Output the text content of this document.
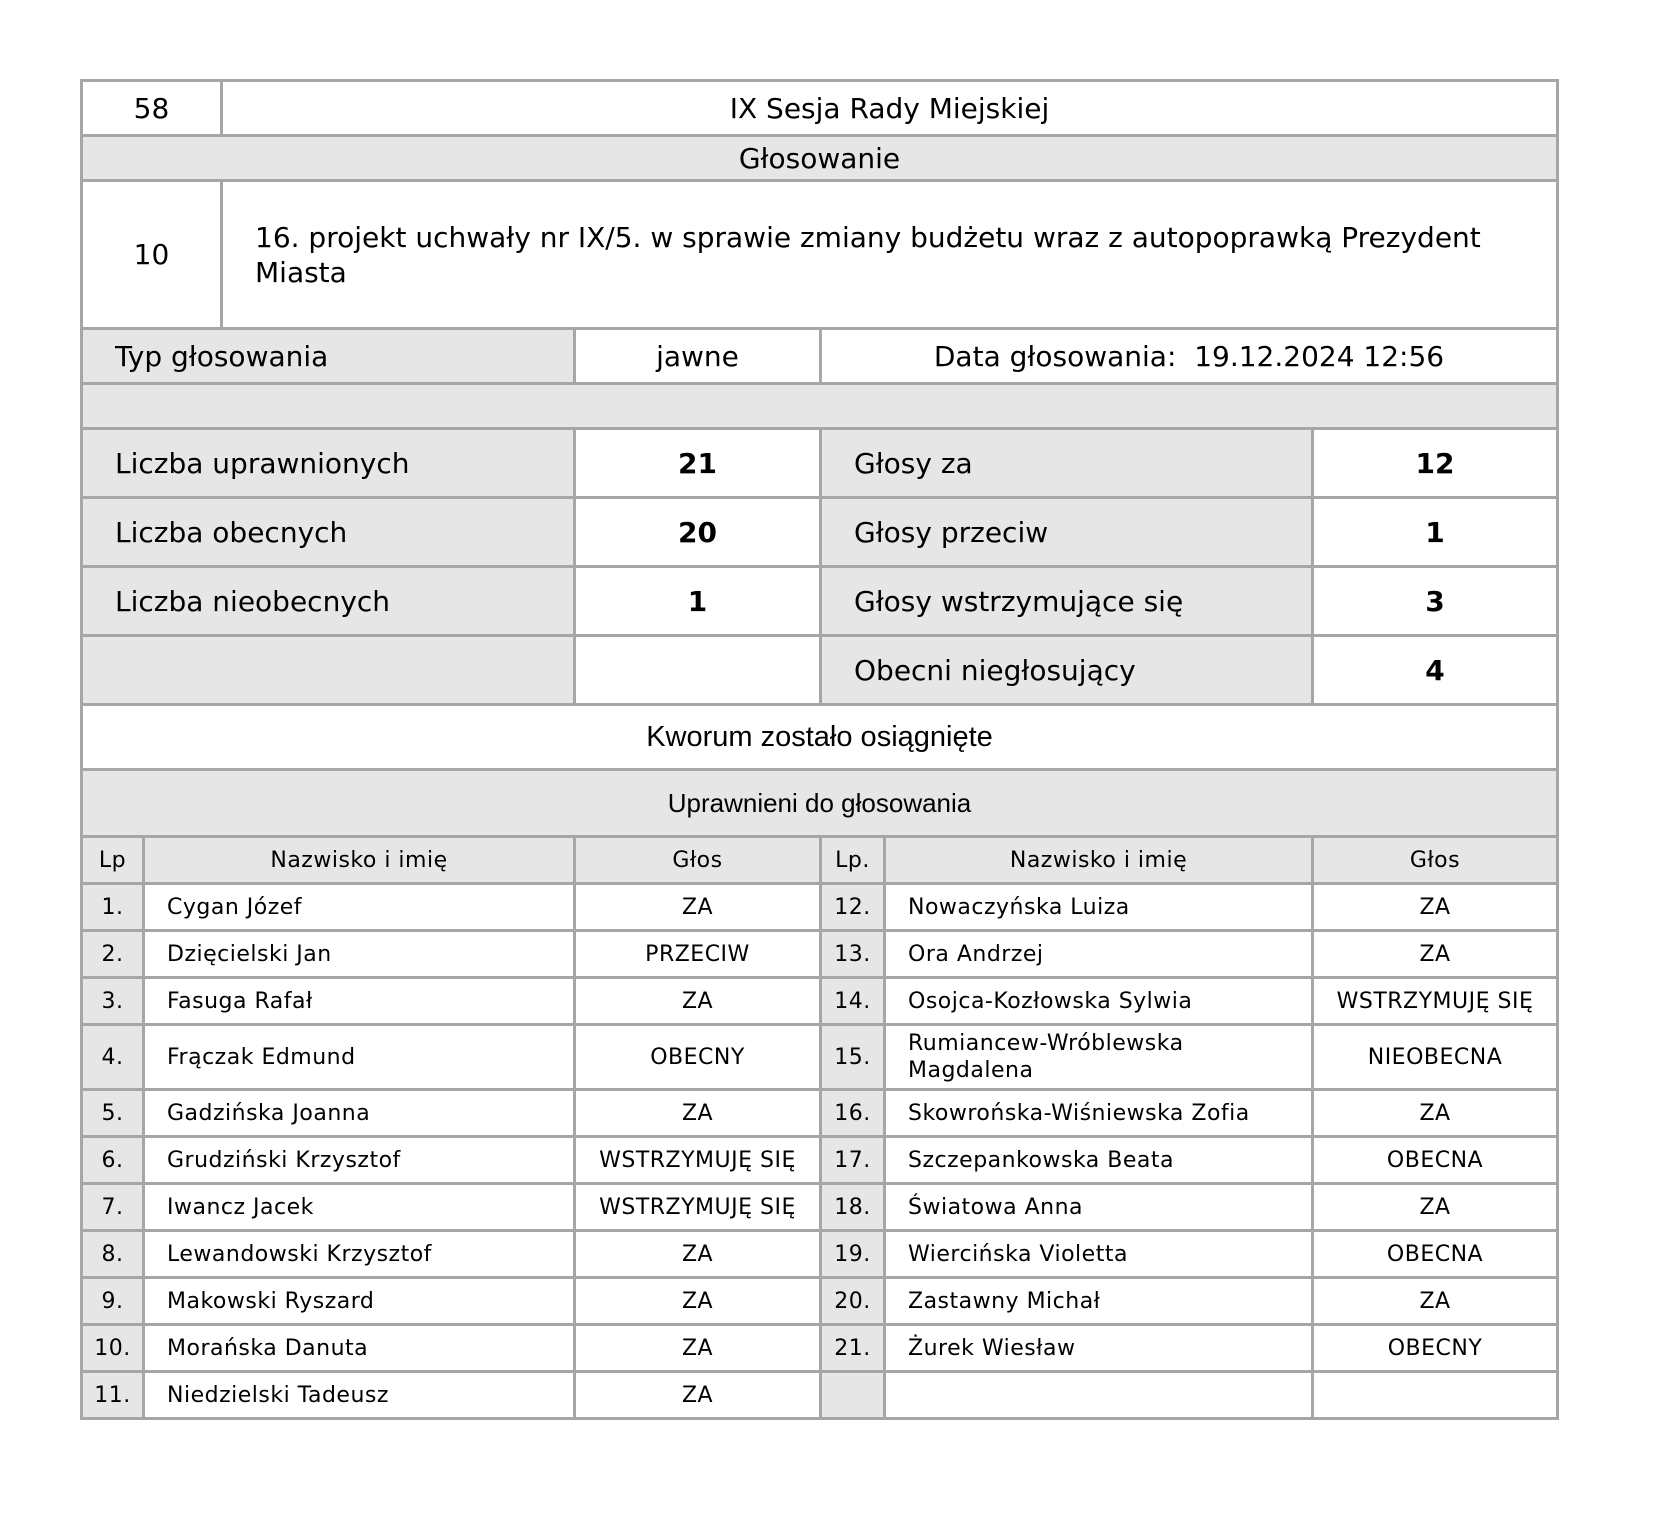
58	IX Sesja Rady Miejskiej
Głosowanie	
10	16. projekt uchwały nr IX/5. w sprawie zmiany budżetu wraz z autopoprawką Prezydent Miasta
Typ głosowania	jawne	Data głosowania: 19.12.2024 12:56	

Liczba uprawnionych	21	Głosy za	12
Liczba obecnych	20	Głosy przeciw	1
Liczba nieobecnych	1	Głosy wstrzymujące się	3
		Obecni niegłosujący	4
Kworum zostało osiągnięte			
Uprawnieni do głosowania			
Lp	Nazwisko i imię	Głos	Lp.	Nazwisko i imię	Głos
1.	Cygan Józef	ZA	12.	Nowaczyńska Luiza	ZA
2.	Dzięcielski Jan	PRZECIW	13.	Ora Andrzej	ZA
3.	Fasuga Rafał	ZA	14.	Osojca-Kozłowska Sylwia	WSTRZYMUJĘ SIĘ
4.	Frączak Edmund	OBECNY	15.	Rumiancew-Wróblewska Magdalena	NIEOBECNA
5.	Gadzińska Joanna	ZA	16.	Skowrońska-Wiśniewska Zofia	ZA
6.	Grudziński Krzysztof	WSTRZYMUJĘ SIĘ	17.	Szczepankowska Beata	OBECNA
7.	Iwancz Jacek	WSTRZYMUJĘ SIĘ	18.	Światowa Anna	ZA
8.	Lewandowski Krzysztof	ZA	19.	Wiercińska Violetta	OBECNA
9.	Makowski Ryszard	ZA	20.	Zastawny Michał	ZA
10.	Morańska Danuta	ZA	21.	Żurek Wiesław	OBECNY
11.	Niedzielski Tadeusz	ZA			
